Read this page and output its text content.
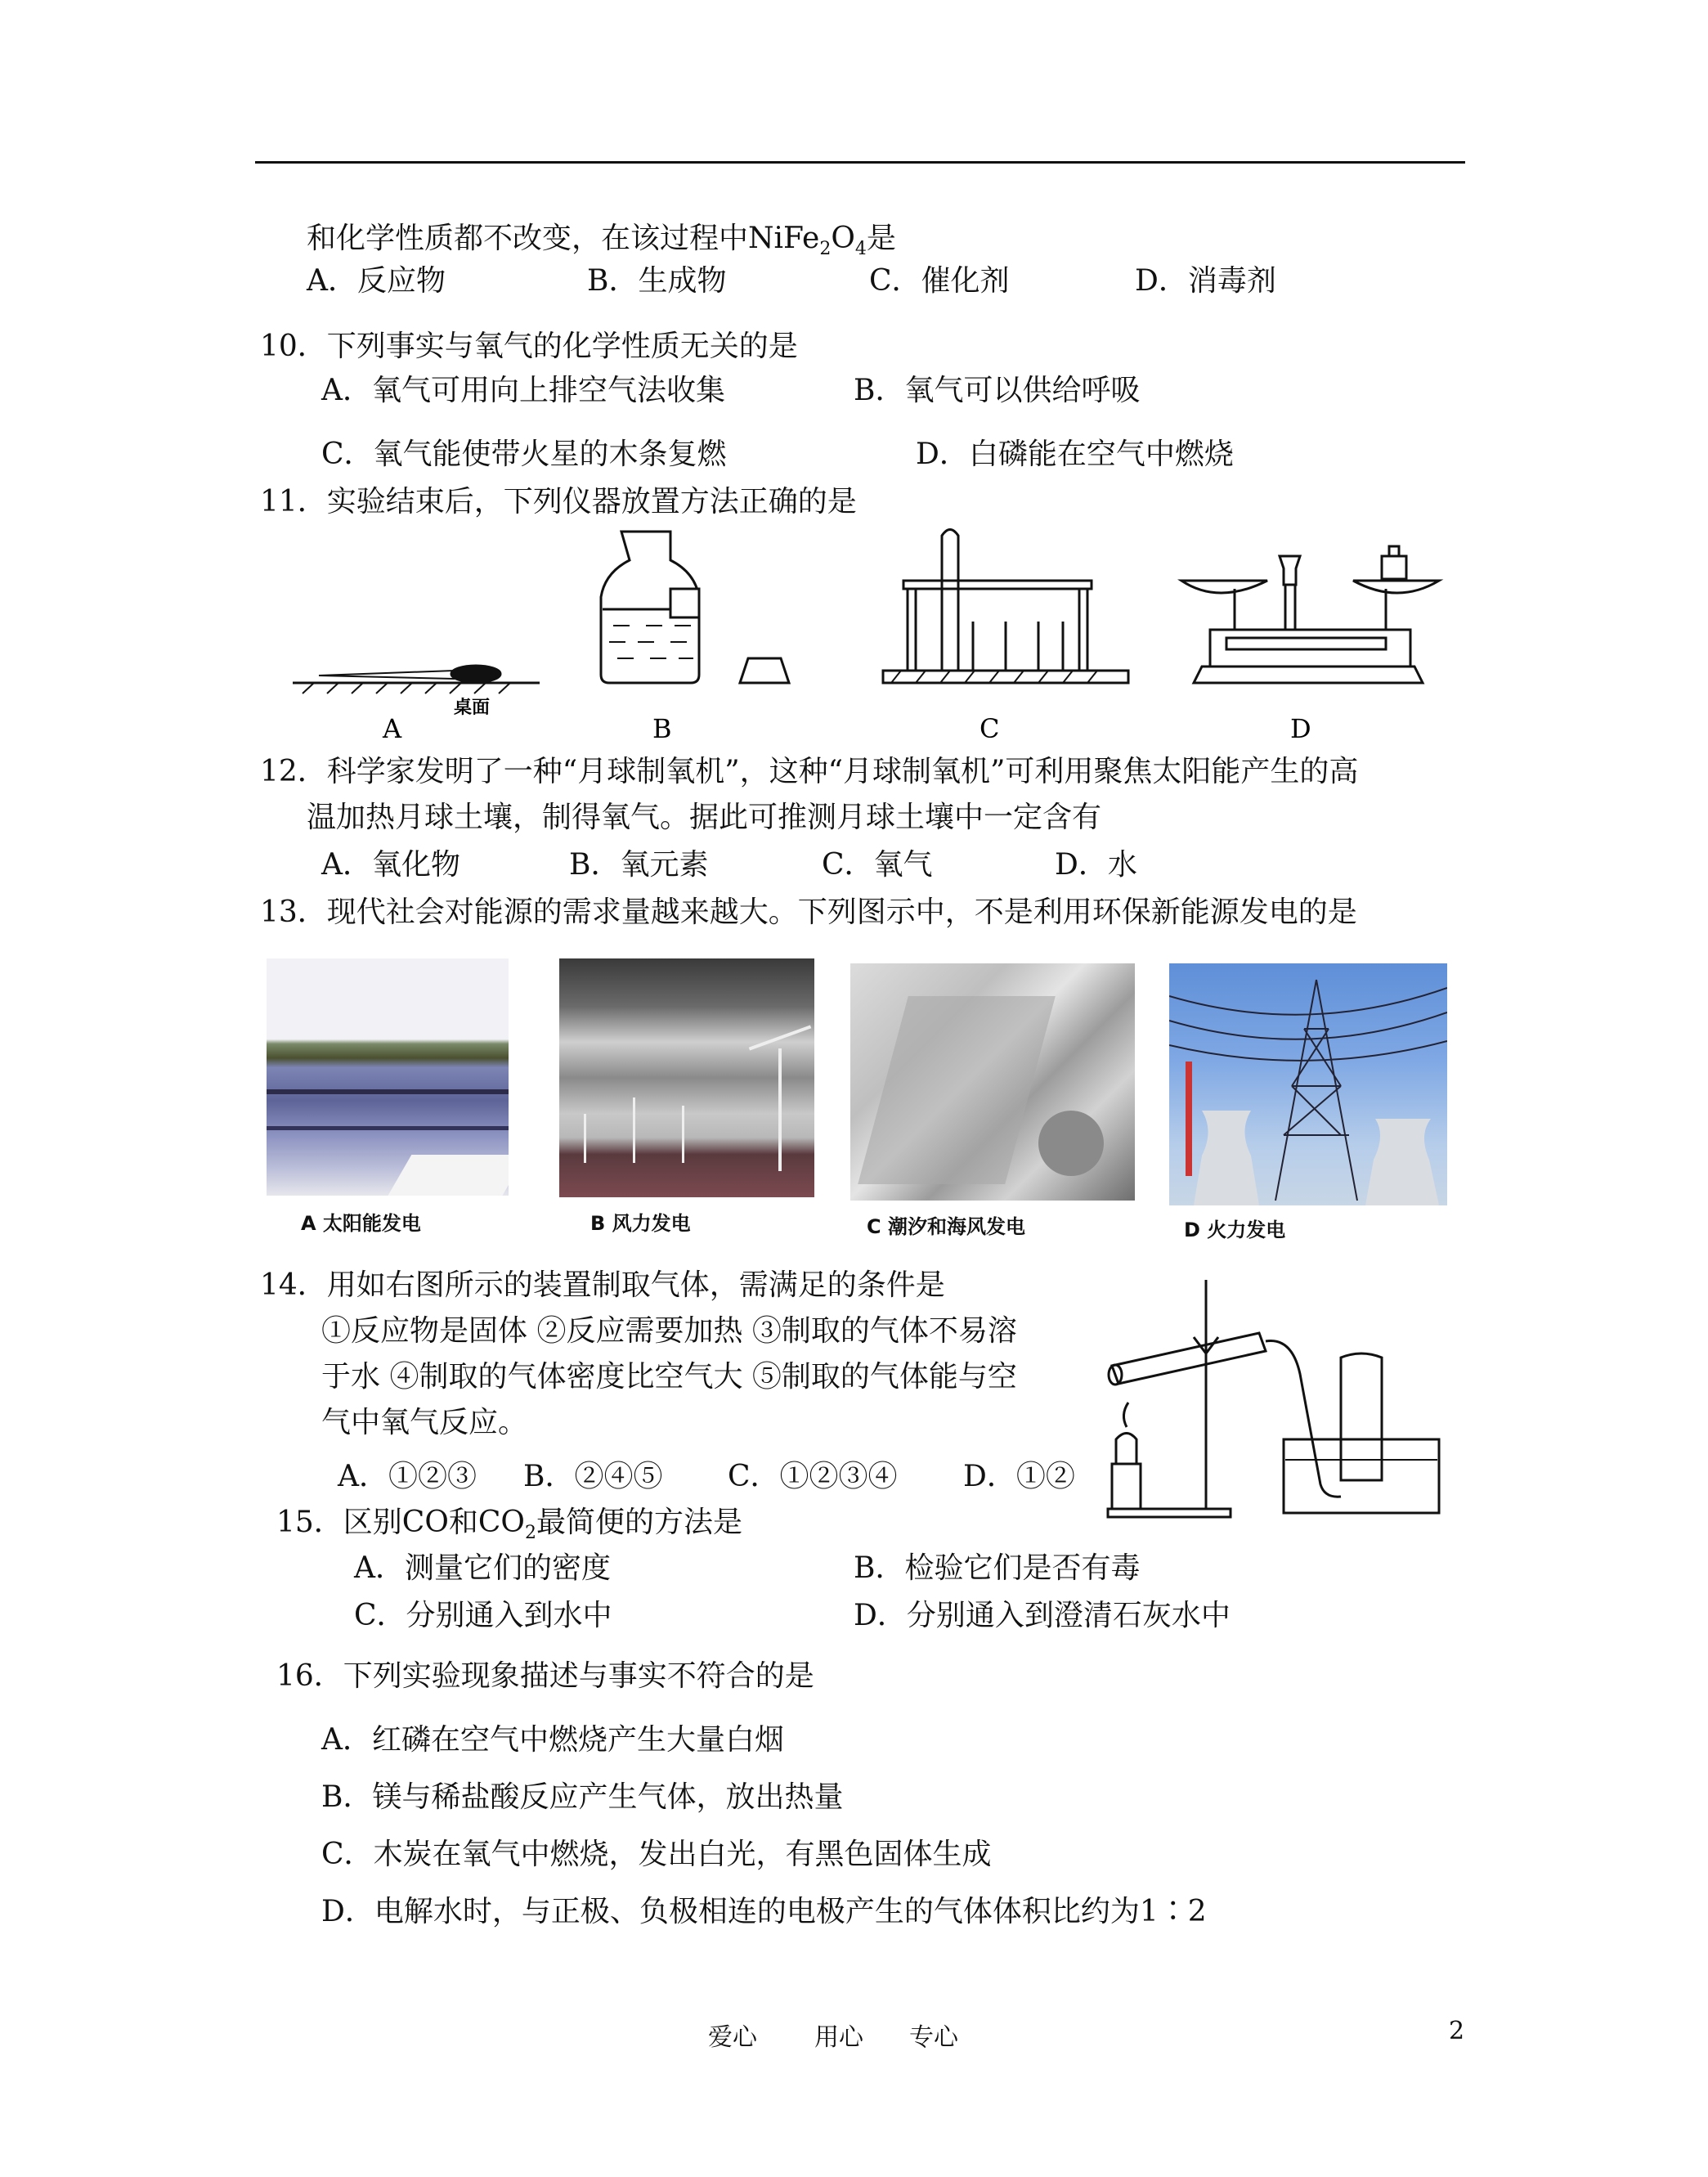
和化学性质都不改变，在该过程中$NiFe_2O_4$是
A．反应物	B．生成物	C．催化剂	D．消毒剂
10．下列事实与氧气的化学性质无关的是
A．氧气可用向上排空气法收集	B．氧气可以供给呼吸
C．氧气能使带火星的木条复燃	D．白磷能在空气中燃烧
11．实验结束后，下列仪器放置方法正确的是
桌面
A	B	C	D
12．科学家发明了一种“月球制氧机”，这种“月球制氧机”可利用聚焦太阳能产生的高
温加热月球土壤，制得氧气。据此可推测月球土壤中一定含有
A．氧化物	B．氧元素	C．氧气	D．水
13．现代社会对能源的需求量越来越大。下列图示中，不是利用环保新能源发电的是
A 太阳能发电	B 风力发电	C 潮汐和海风发电	D 火力发电
14．用如右图所示的装置制取气体，需满足的条件是
①反应物是固体 ②反应需要加热 ③制取的气体不易溶
于水 ④制取的气体密度比空气大 ⑤制取的气体能与空
气中氧气反应。
A．①②③ B．②④⑤ C．①②③④ D．①②
15．区别CO和$CO_2$最简便的方法是
A．测量它们的密度	B．检验它们是否有毒
C．分别通入到水中	D．分别通入到澄清石灰水中
16．下列实验现象描述与事实不符合的是
A．红磷在空气中燃烧产生大量白烟
B．镁与稀盐酸反应产生气体，放出热量
C．木炭在氧气中燃烧，发出白光，有黑色固体生成
D．电解水时，与正极、负极相连的电极产生的气体体积比约为1∶2
爱心 用心 专心	2
